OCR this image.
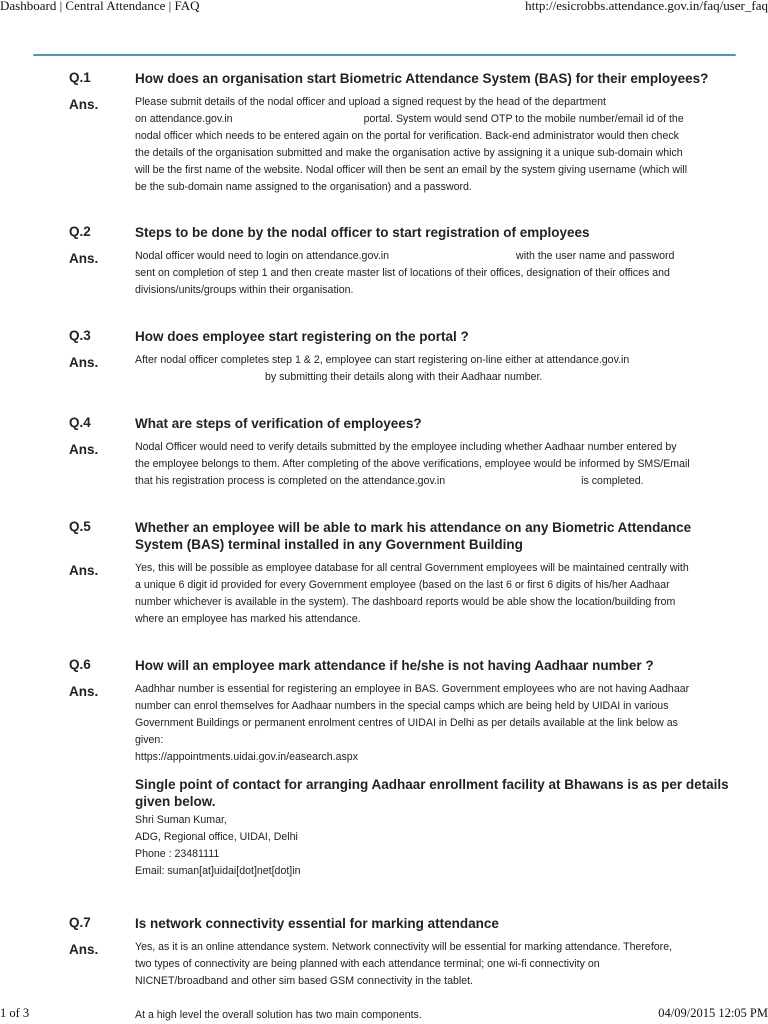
Dashboard | Central Attendance | FAQ	http://esicrobbs.attendance.gov.in/faq/user_faq
Q.1	How does an organisation start Biometric Attendance System (BAS) for their employees?
Ans.	Please submit details of the nodal officer and upload a signed request by the head of the department

on attendance.gov.in	portal. System would send OTP to the mobile number/email id of the

nodal officer which needs to be entered again on the portal for verification. Back-end administrator would then check

the details of the organisation submitted and make the organisation active by assigning it a unique sub-domain which

will be the first name of the website. Nodal officer will then be sent an email by the system giving username (which will

be the sub-domain name assigned to the organisation) and a password.

Q.2	Steps to be done by the nodal officer to start registration of employees
Ans.	Nodal officer would need to login on attendance.gov.in	with the user name and password

sent on completion of step 1 and then create master list of locations of their offices, designation of their offices and

divisions/units/groups within their organisation.

Q.3	How does employee start registering on the portal ?
Ans.	After nodal officer completes step 1 & 2, employee can start registering on-line either at attendance.gov.in

by submitting their details along with their Aadhaar number.

Q.4	What are steps of verification of employees?
Ans.	Nodal Officer would need to verify details submitted by the employee including whether Aadhaar number entered by

the employee belongs to them. After completing of the above verifications, employee would be informed by SMS/Email

that his registration process is completed on the attendance.gov.in	is completed.

Q.5	Whether an employee will be able to mark his attendance on any Biometric Attendance System (BAS) terminal installed in any Government Building
Ans.	Yes, this will be possible as employee database for all central Government employees will be maintained centrally with

a unique 6 digit id provided for every Government employee (based on the last 6 or first 6 digits of his/her Aadhaar

number whichever is available in the system). The dashboard reports would be able show the location/building from

where an employee has marked his attendance.

Q.6	How will an employee mark attendance if he/she is not having Aadhaar number ?
Ans.	Aadhhar number is essential for registering an employee in BAS. Government employees who are not having Aadhaar

number can enrol themselves for Aadhaar numbers in the special camps which are being held by UIDAI in various

Government Buildings or permanent enrolment centres of UIDAI in Delhi as per details available at the link below as

given:

https://appointments.uidai.gov.in/easearch.aspx

Single point of contact for arranging Aadhaar enrollment facility at Bhawans is as per details given below.

Shri Suman Kumar,

ADG, Regional office, UIDAI, Delhi

Phone : 23481111

Email: suman[at]uidai[dot]net[dot]in

Q.7	Is network connectivity essential for marking attendance
Ans.	Yes, as it is an online attendance system. Network connectivity will be essential for marking attendance. Therefore,

two types of connectivity are being planned with each attendance terminal; one wi-fi connectivity on

NICNET/broadband and other sim based GSM connectivity in the tablet.

1 of 3	At a high level the overall solution has two main components.	04/09/2015 12:05 PM
